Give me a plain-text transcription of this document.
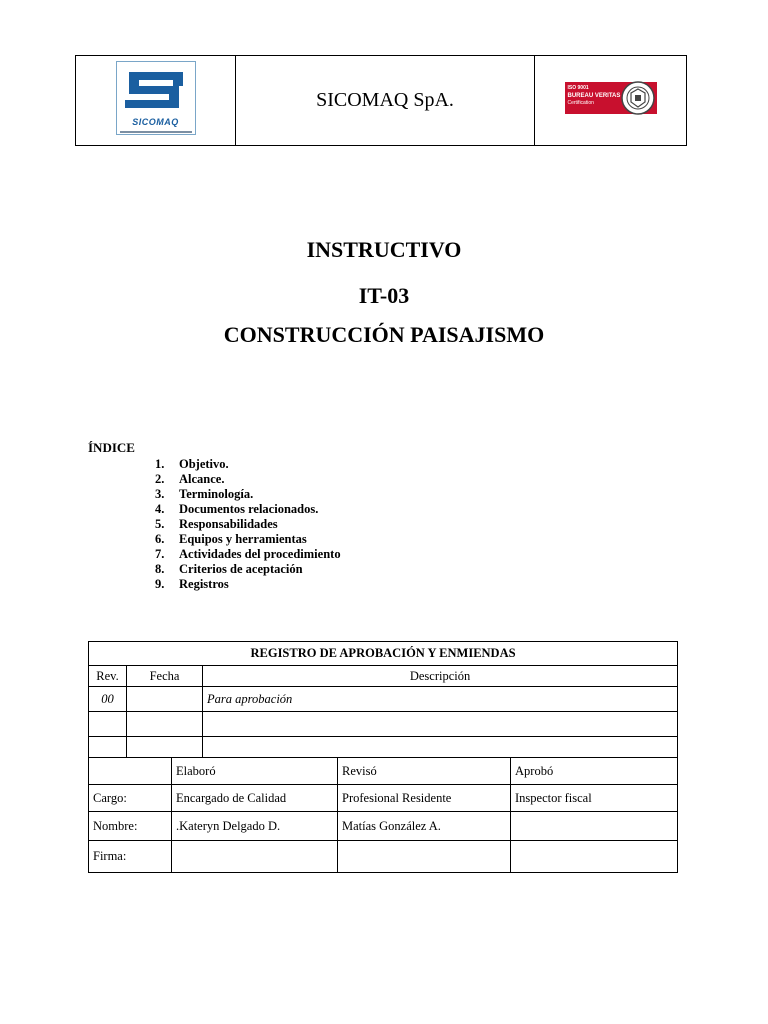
SICOMAQ
	SICOMAQ SpA.	
ISO 9001
BUREAU VERITAS
Certification
INSTRUCTIVO
IT-03
CONSTRUCCIÓN PAISAJISMO
ÍNDICE
1. Objetivo.
2. Alcance.
3. Terminología.
4. Documentos relacionados.
5. Responsabilidades
6. Equipos y herramientas
7. Actividades del procedimiento
8. Criterios de aceptación
9. Registros
REGISTRO DE APROBACIÓN Y ENMIENDAS					
Rev.	Fecha		Descripción		
00			Para aprobación		

		Elaboró		Revisó	Aprobó
Cargo:		Encargado de Calidad		Profesional Residente	Inspector fiscal
Nombre:		.Kateryn Delgado D.		Matías González A.	
Firma:					
